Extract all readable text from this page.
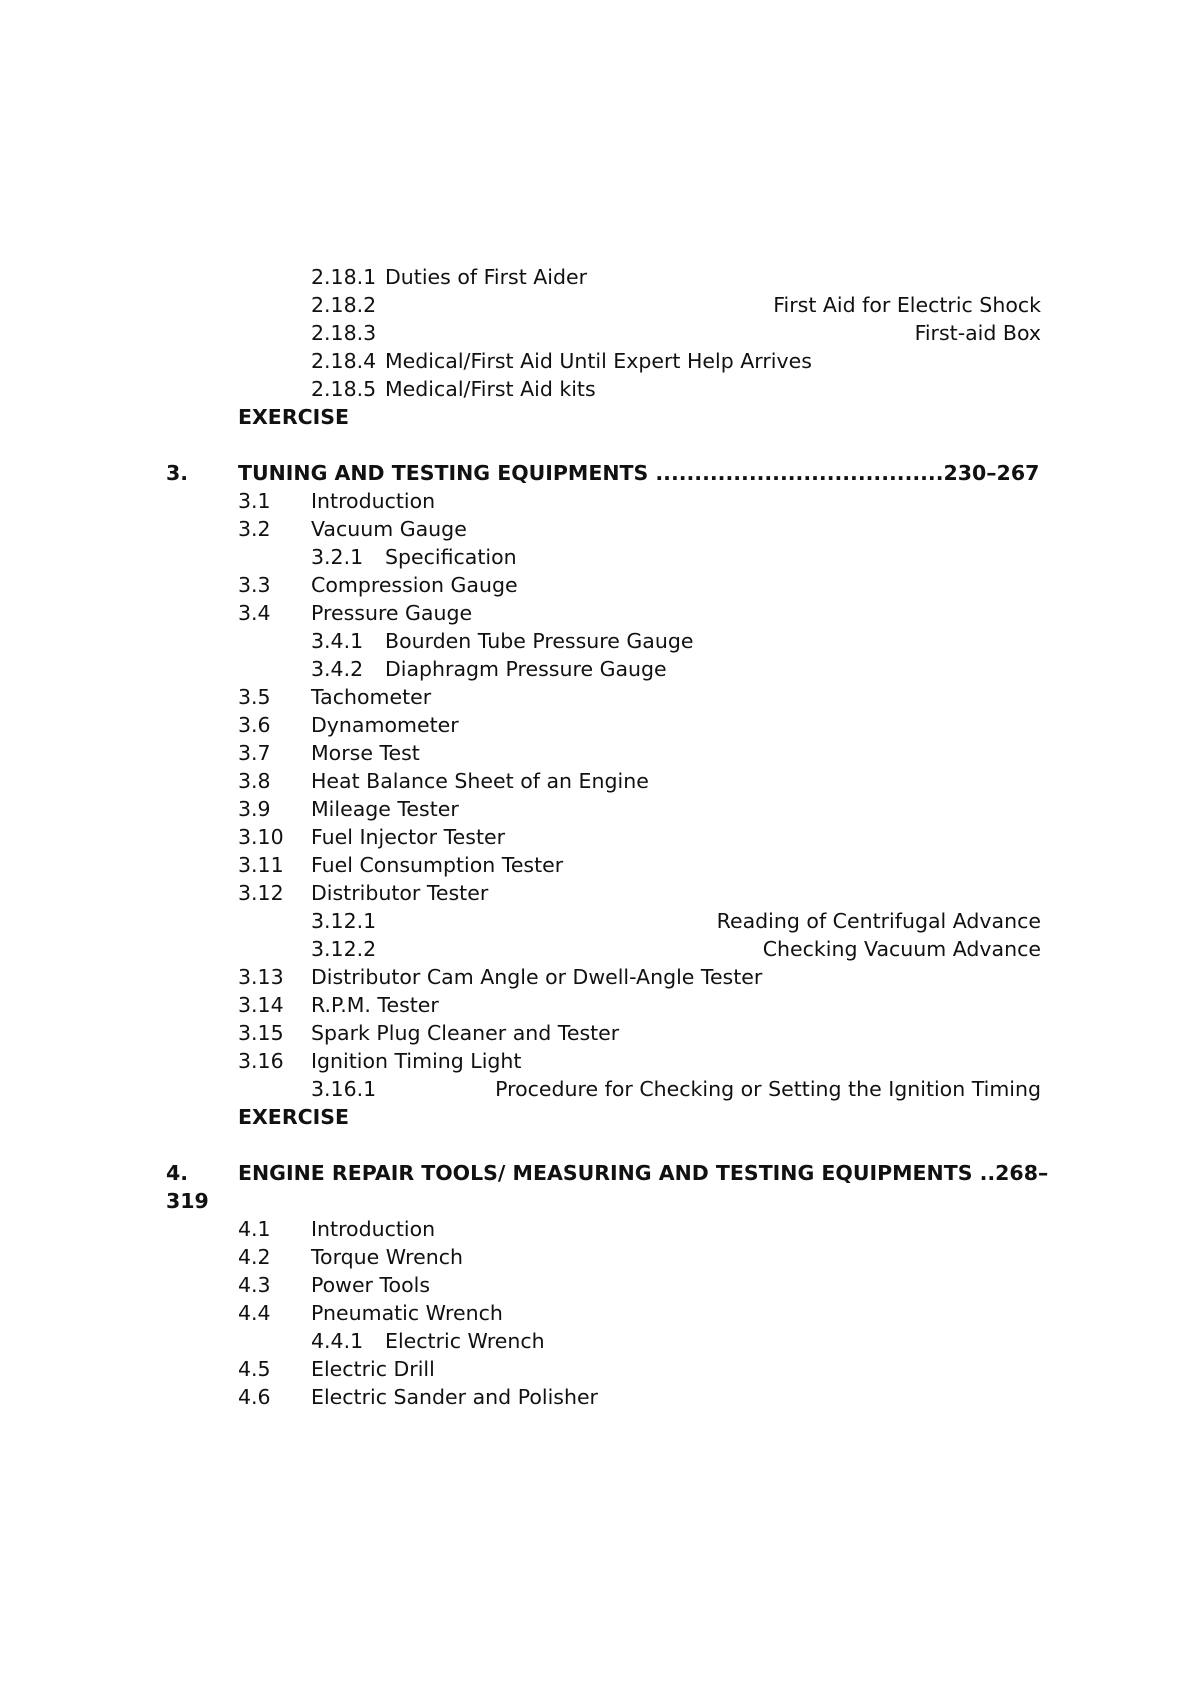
2.18.1 Duties of First Aider
2.18.2	First Aid for Electric Shock
2.18.3	First-aid Box
2.18.4 Medical/First Aid Until Expert Help Arrives
2.18.5 Medical/First Aid kits
EXERCISE
3. TUNING AND TESTING EQUIPMENTS .....................................230–267
3.1 Introduction
3.2 Vacuum Gauge
3.2.1 Specification
3.3 Compression Gauge
3.4 Pressure Gauge
3.4.1 Bourden Tube Pressure Gauge
3.4.2 Diaphragm Pressure Gauge
3.5 Tachometer
3.6 Dynamometer
3.7 Morse Test
3.8 Heat Balance Sheet of an Engine
3.9 Mileage Tester
3.10 Fuel Injector Tester
3.11 Fuel Consumption Tester
3.12 Distributor Tester
3.12.1	Reading of Centrifugal Advance
3.12.2	Checking Vacuum Advance
3.13 Distributor Cam Angle or Dwell-Angle Tester
3.14 R.P.M. Tester
3.15 Spark Plug Cleaner and Tester
3.16 Ignition Timing Light
3.16.1	Procedure for Checking or Setting the Ignition Timing
EXERCISE
4. ENGINE REPAIR TOOLS/ MEASURING AND TESTING EQUIPMENTS ..268–
319
4.1 Introduction
4.2 Torque Wrench
4.3 Power Tools
4.4 Pneumatic Wrench
4.4.1 Electric Wrench
4.5 Electric Drill
4.6 Electric Sander and Polisher
